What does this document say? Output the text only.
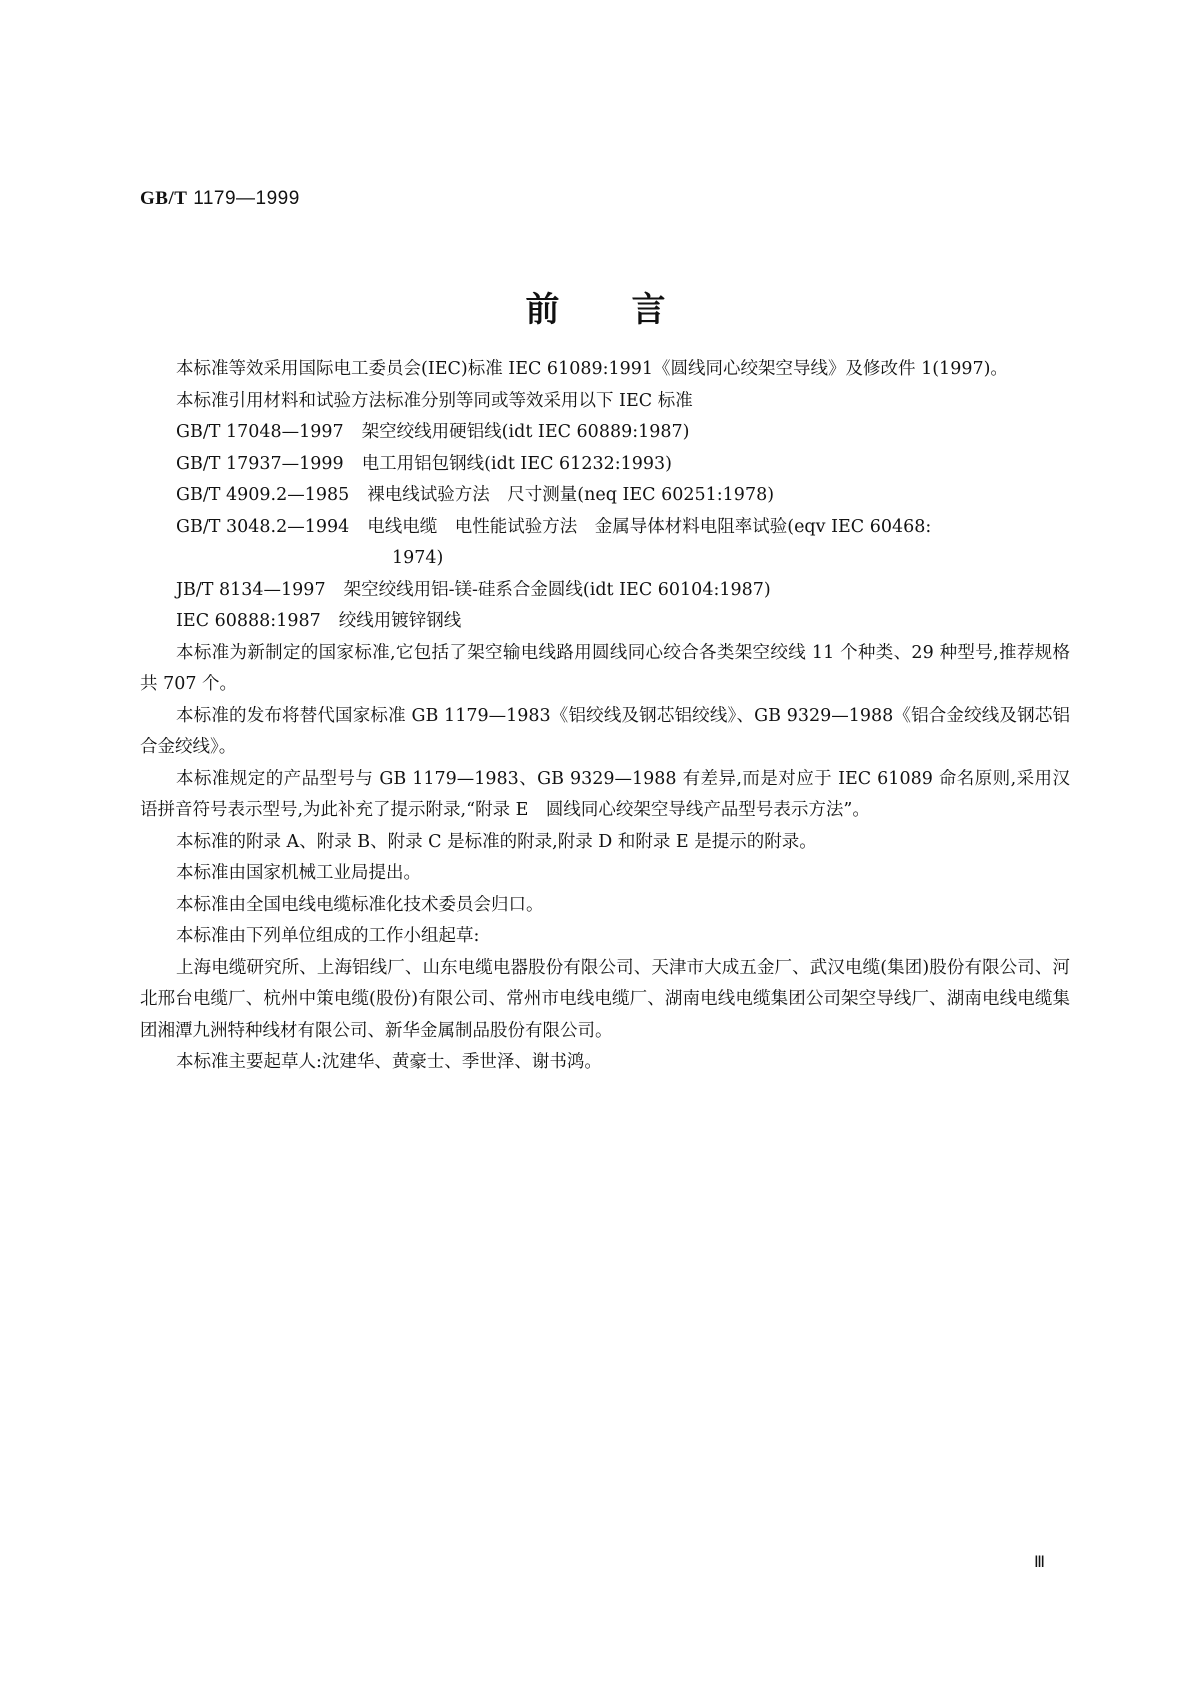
GB/T 1179—1999
前言

本标准等效采用国际电工委员会(IEC)标准 IEC 61089:1991《圆线同心绞架空导线》及修改件 1(1997)。

本标准引用材料和试验方法标准分别等同或等效采用以下 IEC 标准

GB/T 17048—1997 架空绞线用硬铝线(idt IEC 60889:1987)
GB/T 17937—1999 电工用铝包钢线(idt IEC 61232:1993)
GB/T 4909.2—1985 裸电线试验方法　尺寸测量(neq IEC 60251:1978)
GB/T 3048.2—1994 电线电缆　电性能试验方法　金属导体材料电阻率试验(eqv IEC 60468:
1974)
JB/T 8134—1997 架空绞线用铝-镁-硅系合金圆线(idt IEC 60104:1987)
IEC 60888:1987 绞线用镀锌钢线

本标准为新制定的国家标准,它包括了架空输电线路用圆线同心绞合各类架空绞线 11 个种类、29 种型号,推荐规格共 707 个。

本标准的发布将替代国家标准 GB 1179—1983《铝绞线及钢芯铝绞线》、GB 9329—1988《铝合金绞线及钢芯铝合金绞线》。

本标准规定的产品型号与 GB 1179—1983、GB 9329—1988 有差异,而是对应于 IEC 61089 命名原则,采用汉语拼音符号表示型号,为此补充了提示附录,“附录 E　圆线同心绞架空导线产品型号表示方法”。

本标准的附录 A、附录 B、附录 C 是标准的附录,附录 D 和附录 E 是提示的附录。

本标准由国家机械工业局提出。

本标准由全国电线电缆标准化技术委员会归口。

本标准由下列单位组成的工作小组起草:

上海电缆研究所、上海铝线厂、山东电缆电器股份有限公司、天津市大成五金厂、武汉电缆(集团)股份有限公司、河北邢台电缆厂、杭州中策电缆(股份)有限公司、常州市电线电缆厂、湖南电线电缆集团公司架空导线厂、湖南电线电缆集团湘潭九洲特种线材有限公司、新华金属制品股份有限公司。

本标准主要起草人:沈建华、黄豪士、季世泽、谢书鸿。

Ⅲ
